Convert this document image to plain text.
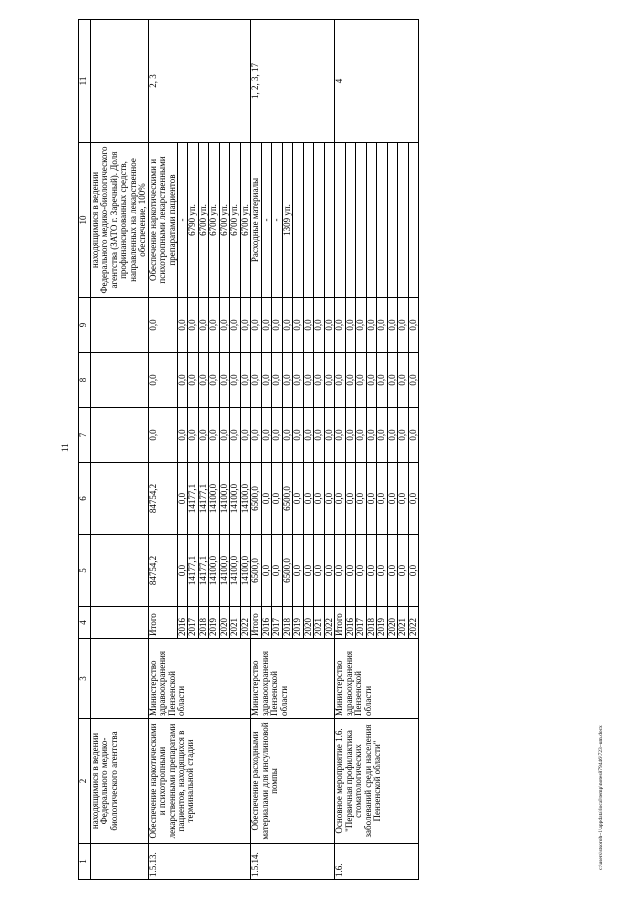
11
c:\users\stsoroh~1\appdata\local\temp\notes879446\723~um.docx
1	2	3	4	5	6	7	8	9	10	11
	находящимися в ведении Федерального медико-биологического агентства								находящимися в ведении Федерального медико-биологического агентства (ЗАТО г. Заречный). Доля профинансированных средств, направленных на лекарственное обеспечение, 100%	
1.5.13.	Обеспечение наркотическими и психотропными лекарственными препаратами пациентов, находящихся в терминальной стадии	Министерство здравоохранения Пензенской области	Итого	84754,2	84754,2	0,0	0,0	0,0	Обеспечение наркотическими и психотропными лекарственными препаратами пациентов	2, 3
			2016	0,0	0,0	0,0	0,0	0,0	-	
			2017	14177,1	14177,1	0,0	0,0	0,0	6790 уп.	
			2018	14177,1	14177,1	0,0	0,0	0,0	6700 уп.	
			2019	14100,0	14100,0	0,0	0,0	0,0	6700 уп.	
			2020	14100,0	14100,0	0,0	0,0	0,0	6700 уп.	
			2021	14100,0	14100,0	0,0	0,0	0,0	6700 уп.	
			2022	14100,0	14100,0	0,0	0,0	0,0	6700 уп.	
1.5.14.	Обеспечение расходными материалами для инсулиновой помпы	Министерство здравоохранения Пензенской области	Итого	6500,0	6500,0	0,0	0,0	0,0	Расходные материалы	1, 2, 3, 17
			2016	0,0	0,0	0,0	0,0	0,0	-	
			2017	0,0	0,0	0,0	0,0	0,0	-	
			2018	6500,0	6500,0	0,0	0,0	0,0	1309 уп.	
			2019	0,0	0,0	0,0	0,0	0,0		
			2020	0,0	0,0	0,0	0,0	0,0		
			2021	0,0	0,0	0,0	0,0	0,0		
			2022	0,0	0,0	0,0	0,0	0,0		
1.6.	Основное мероприятие 1.6. "Первичная профилактика стоматологических заболеваний среди населения Пензенской области"	Министерство здравоохранения Пензенской области	Итого	0,0	0,0	0,0	0,0	0,0		4
			2016	0,0	0,0	0,0	0,0	0,0		
			2017	0,0	0,0	0,0	0,0	0,0		
			2018	0,0	0,0	0,0	0,0	0,0		
			2019	0,0	0,0	0,0	0,0	0,0		
			2020	0,0	0,0	0,0	0,0	0,0		
			2021	0,0	0,0	0,0	0,0	0,0		
			2022	0,0	0,0	0,0	0,0	0,0		
